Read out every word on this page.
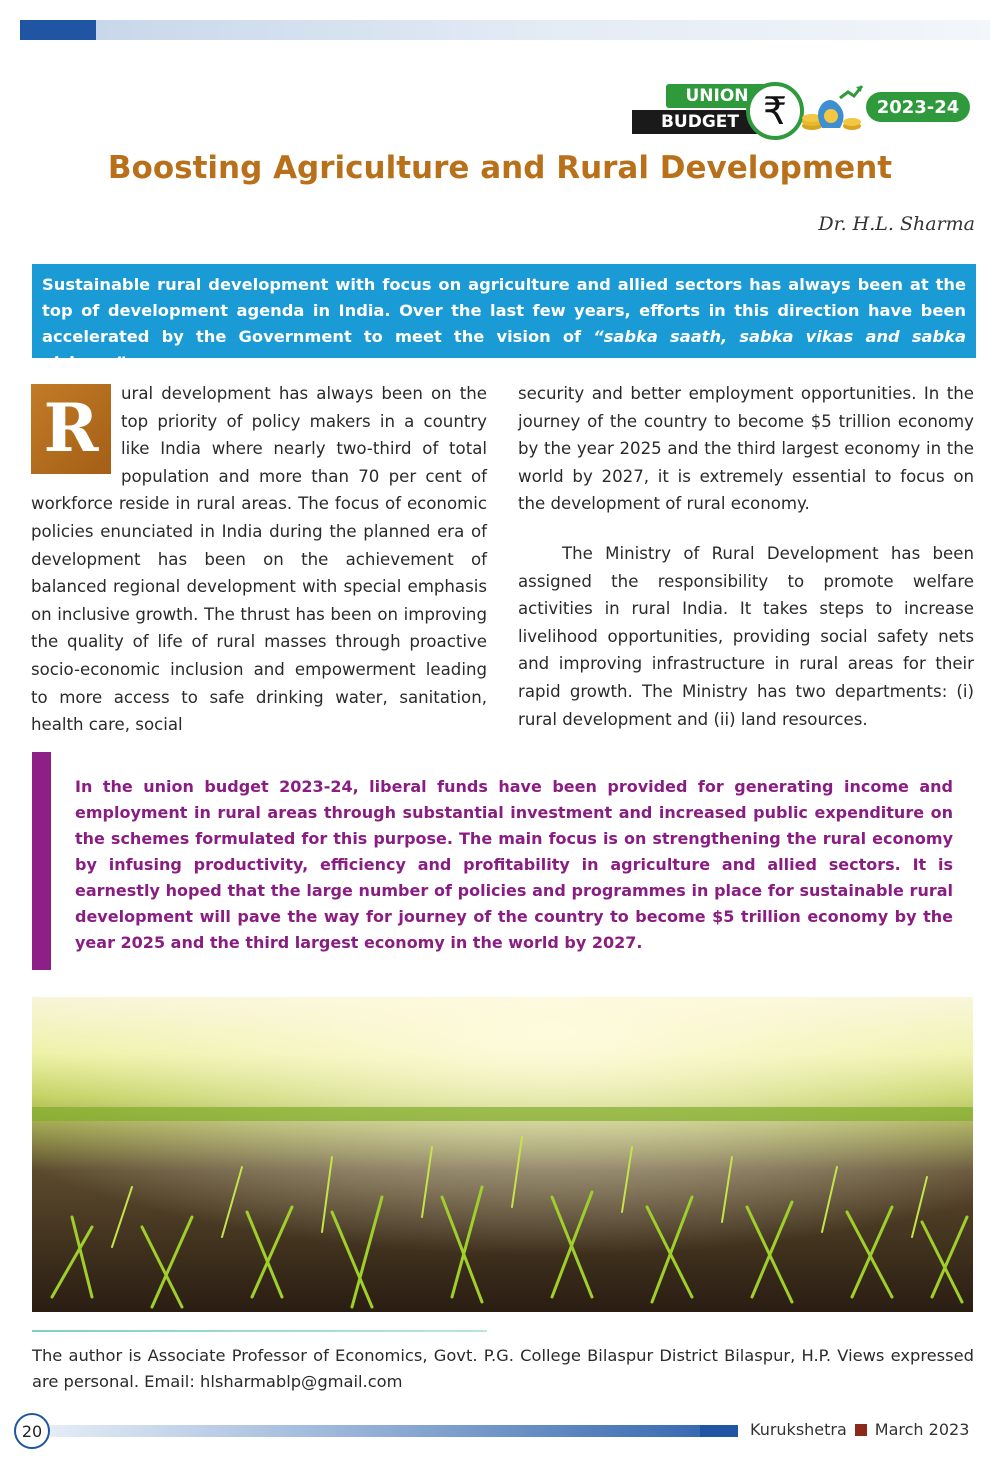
BUDGET
UNION ₹	2023-24
Boosting Agriculture and Rural Development
Dr. H.L. Sharma
Sustainable rural development with focus on agriculture and allied sectors has always been at the top of development agenda in India. Over the last few years, efforts in this direction have been accelerated by the Government to meet the vision of “sabka saath, sabka vikas and sabka vishwas”.
R	ural development has always been on the top priority of policy makers in a country like India where nearly two-third of total population and more than 70 per cent of workforce reside in rural areas. The focus of economic policies enunciated in India during the planned era of development has been on the achievement of balanced regional development with special emphasis on inclusive growth. The thrust has been on improving the quality of life of rural masses through proactive socio-economic inclusion and empowerment leading to more access to safe drinking water, sanitation, health care, social

security and better employment opportunities. In the journey of the country to become $5 trillion economy by the year 2025 and the third largest economy in the world by 2027, it is extremely essential to focus on the development of rural economy.

The Ministry of Rural Development has been assigned the responsibility to promote welfare activities in rural India. It takes steps to increase livelihood opportunities, providing social safety nets and improving infrastructure in rural areas for their rapid growth. The Ministry has two departments: (i) rural development and (ii) land resources.

In the union budget 2023-24, liberal funds have been provided for generating income and employment in rural areas through substantial investment and increased public expenditure on the schemes formulated for this purpose. The main focus is on strengthening the rural economy by infusing productivity, efficiency and profitability in agriculture and allied sectors. It is earnestly hoped that the large number of policies and programmes in place for sustainable rural development will pave the way for journey of the country to become $5 trillion economy by the year 2025 and the third largest economy in the world by 2027.
The author is Associate Professor of Economics, Govt. P.G. College Bilaspur District Bilaspur, H.P. Views expressed are personal. Email: hlsharmablp@gmail.com
20	Kurukshetra March 2023
